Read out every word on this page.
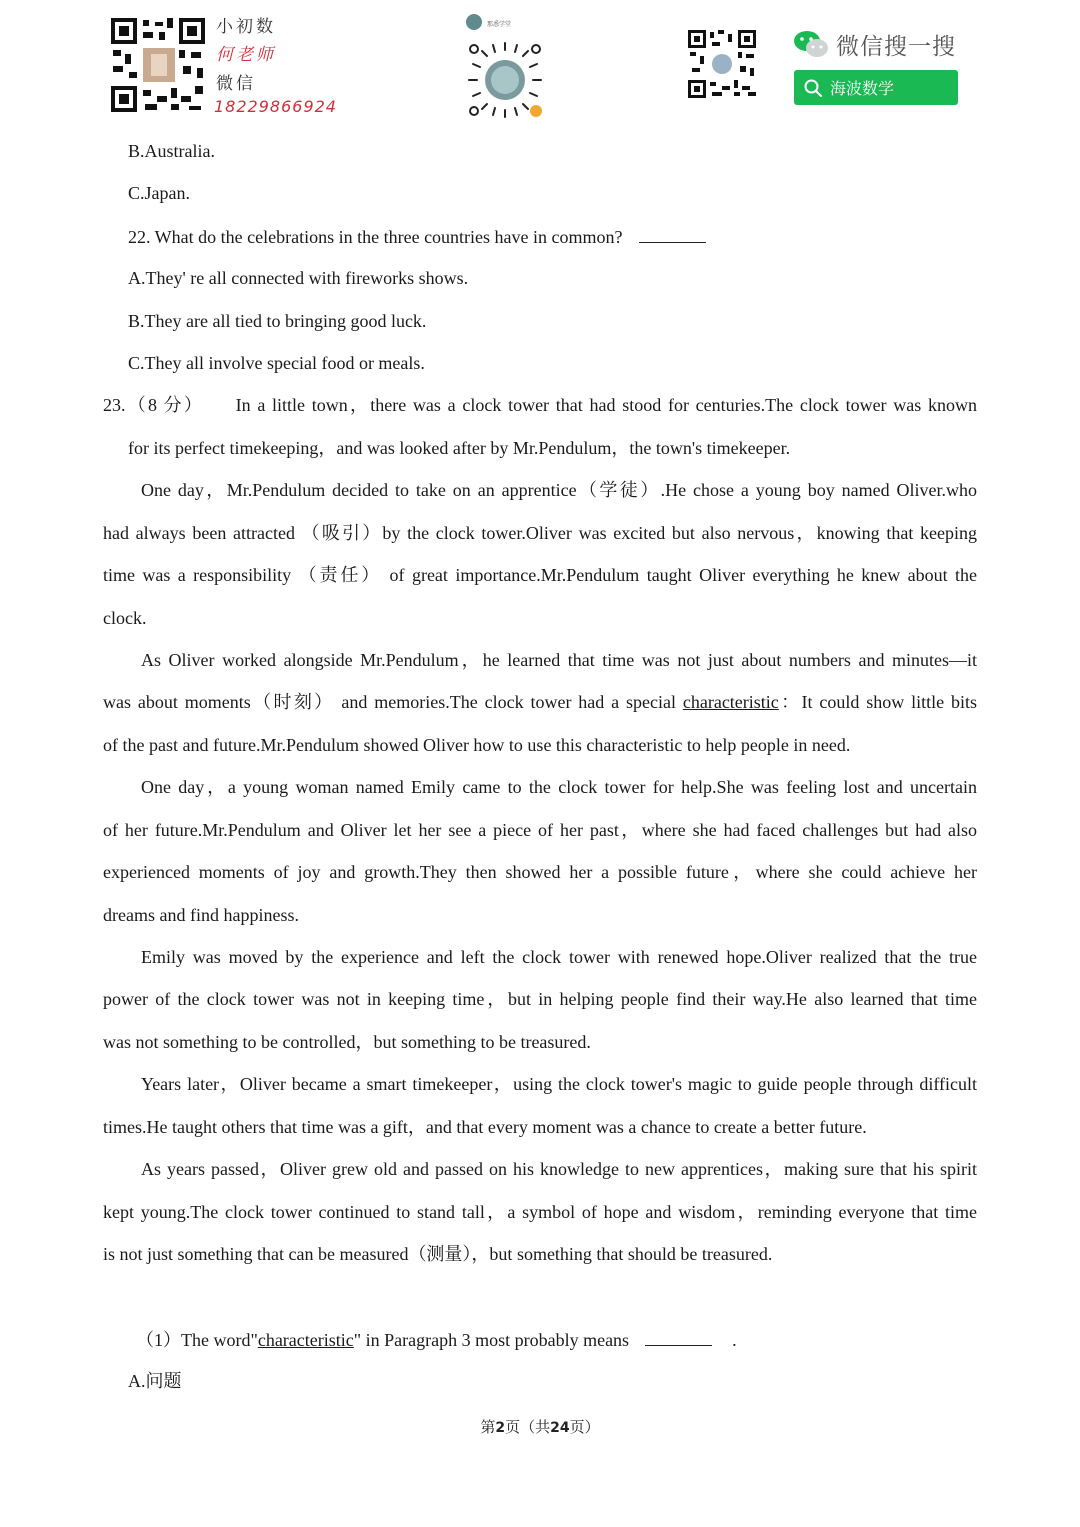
小初数
何老师
微信
18229866924
那悉学堂
微信搜一搜
海波数学
B.Australia.
C.Japan.
22. What do the celebrations in the three countries have in common?
A.They' re all connected with fireworks shows.
B.They are all tied to bringing good luck.
C.They all involve special food or meals.
23.（8 分）　　In a little town，there was a clock tower that had stood for centuries.The clock tower was known
for its perfect timekeeping，and was looked after by Mr.Pendulum，the town's timekeeper.
One day，Mr.Pendulum decided to take on an apprentice（学徒）.He chose a young boy named Oliver.who
had always been attracted （吸引）by the clock tower.Oliver was excited but also nervous，knowing that keeping
time was a responsibility （责任） of great importance.Mr.Pendulum taught Oliver everything he knew about the
clock.
As Oliver worked alongside Mr.Pendulum，he learned that time was not just about numbers and minutes—it
was about moments（时刻） and memories.The clock tower had a special characteristic：It could show little bits
of the past and future.Mr.Pendulum showed Oliver how to use this characteristic to help people in need.
One day，a young woman named Emily came to the clock tower for help.She was feeling lost and uncertain
of her future.Mr.Pendulum and Oliver let her see a piece of her past，where she had faced challenges but had also
experienced moments of joy and growth.They then showed her a possible future，where she could achieve her
dreams and find happiness.
Emily was moved by the experience and left the clock tower with renewed hope.Oliver realized that the true
power of the clock tower was not in keeping time，but in helping people find their way.He also learned that time
was not something to be controlled，but something to be treasured.
Years later，Oliver became a smart timekeeper，using the clock tower's magic to guide people through difficult
times.He taught others that time was a gift，and that every moment was a chance to create a better future.
As years passed，Oliver grew old and passed on his knowledge to new apprentices，making sure that his spirit
kept young.The clock tower continued to stand tall，a symbol of hope and wisdom，reminding everyone that time
is not just something that can be measured（测量），but something that should be treasured.
（1）The word"characteristic" in Paragraph 3 most probably means	.
A.问题
第2页（共24页）
